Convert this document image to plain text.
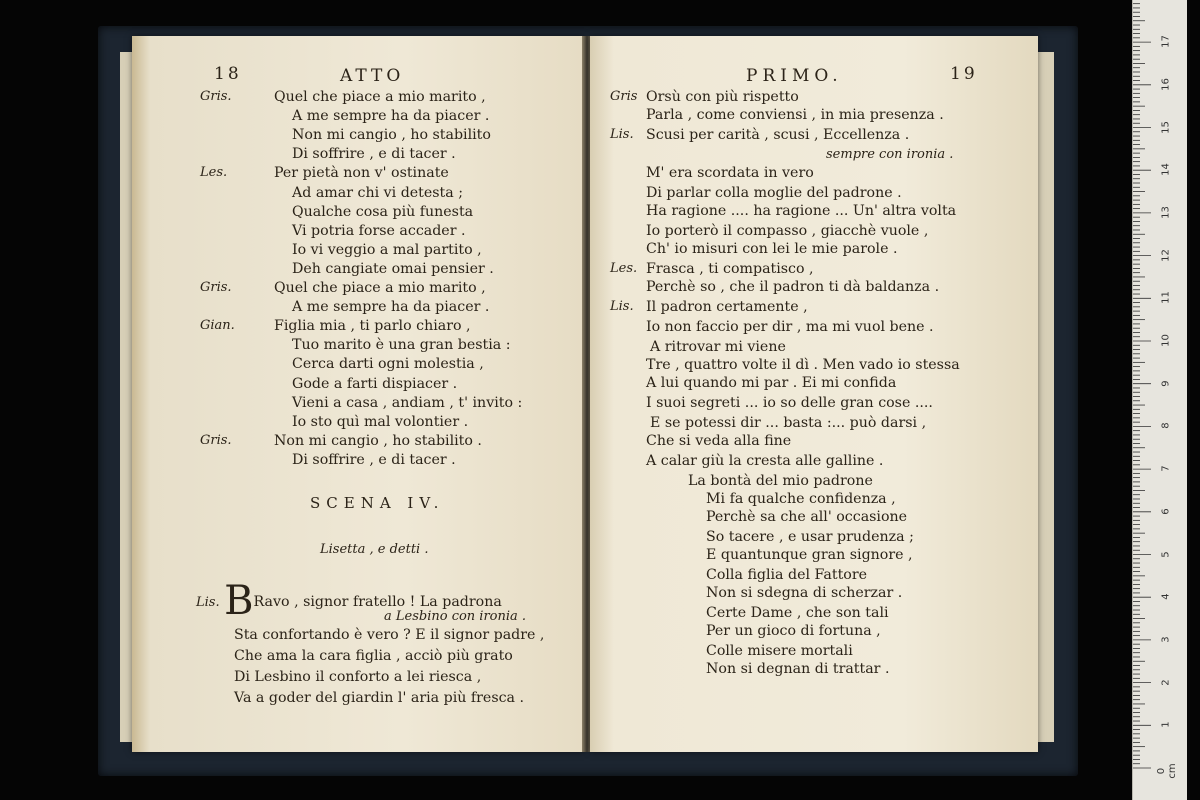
18	ATTO
Gris.	Quel che piace a mio marito ,
A me sempre ha da piacer .
Non mi cangio , ho stabilito
Di soffrire , e di tacer .
Les.	Per pietà non v' ostinate
Ad amar chi vi detesta ;
Qualche cosa più funesta
Vi potria forse accader .
Io vi veggio a mal partito ,
Deh cangiate omai pensier .
Gris.	Quel che piace a mio marito ,
A me sempre ha da piacer .
Gian.	Figlia mia , ti parlo chiaro ,
Tuo marito è una gran bestia :
Cerca darti ogni molestia ,
Gode a farti dispiacer .
Vieni a casa , andiam , t' invito :
Io sto quì mal volontier .
Gris.	Non mi cangio , ho stabilito .
Di soffrire , e di tacer .
SCENA IV.
Lisetta , e detti .
Lis. BRavo , signor fratello ! La padrona
a Lesbino con ironia .
Sta confortando è vero ? E il signor padre ,
Che ama la cara figlia , acciò più grato
Di Lesbino il conforto a lei riesca ,
Va a goder del giardin l' aria più fresca .
PRIMO.	19
Gris Orsù con più rispetto
Parla , come conviensi , in mia presenza .
Lis. Scusi per carità , scusi , Eccellenza .
sempre con ironia .
M' era scordata in vero
Di parlar colla moglie del padrone .
Ha ragione .... ha ragione ... Un' altra volta
Io porterò il compasso , giacchè vuole ,
Ch' io misuri con lei le mie parole .
Les. Frasca , ti compatisco ,
Perchè so , che il padron ti dà baldanza .
Lis. Il padron certamente ,
Io non faccio per dir , ma mi vuol bene .
A ritrovar mi viene
Tre , quattro volte il dì . Men vado io stessa
A lui quando mi par . Ei mi confida
I suoi segreti ... io so delle gran cose ....
E se potessi dir ... basta :... può darsi ,
Che si veda alla fine
A calar giù la cresta alle galline .
La bontà del mio padrone
Mi fa qualche confidenza ,
Perchè sa che all' occasione
So tacere , e usar prudenza ;
E quantunque gran signore ,
Colla figlia del Fattore
Non si sdegna di scherzar .
Certe Dame , che son tali
Per un gioco di fortuna ,
Colle misere mortali
Non si degnan di trattar .
17
16
15
14
13
12
11
10
9
8
7
6
5
4
3
2
1
0 cm
